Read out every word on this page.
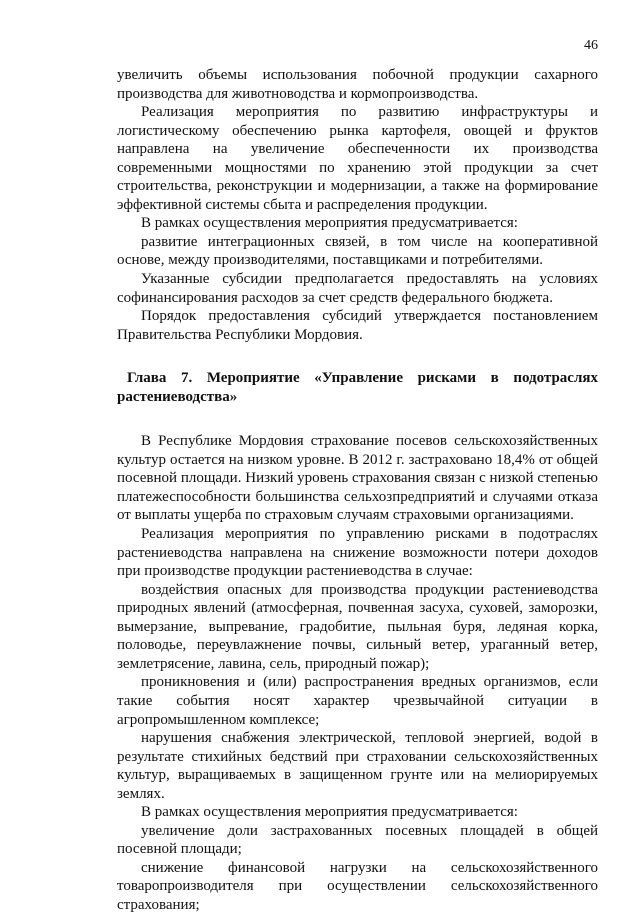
46

увеличить объемы использования побочной продукции сахарного производства для животноводства и кормопроизводства.

Реализация мероприятия по развитию инфраструктуры и логистическому обеспечению рынка картофеля, овощей и фруктов направлена на увеличение обеспеченности их производства современными мощностями по хранению этой продукции за счет строительства, реконструкции и модернизации, а также на формирование эффективной системы сбыта и распределения продукции.

В рамках осуществления мероприятия предусматривается:

развитие интеграционных связей, в том числе на кооперативной основе, между производителями, поставщиками и потребителями.

Указанные субсидии предполагается предоставлять на условиях софинансирования расходов за счет средств федерального бюджета.

Порядок предоставления субсидий утверждается постановлением Правительства Республики Мордовия.

Глава 7. Мероприятие «Управление рисками в подотраслях растениеводства»

В Республике Мордовия страхование посевов сельскохозяйственных культур остается на низком уровне. В 2012 г. застраховано 18,4% от общей посевной площади. Низкий уровень страхования связан с низкой степенью платежеспособности большинства сельхозпредприятий и случаями отказа от выплаты ущерба по страховым случаям страховыми организациями.

Реализация мероприятия по управлению рисками в подотраслях растениеводства направлена на снижение возможности потери доходов при производстве продукции растениеводства в случае:

воздействия опасных для производства продукции растениеводства природных явлений (атмосферная, почвенная засуха, суховей, заморозки, вымерзание, выпревание, градобитие, пыльная буря, ледяная корка, половодье, переувлажнение почвы, сильный ветер, ураганный ветер, землетрясение, лавина, сель, природный пожар);

проникновения и (или) распространения вредных организмов, если такие события носят характер чрезвычайной ситуации в агропромышленном комплексе;

нарушения снабжения электрической, тепловой энергией, водой в результате стихийных бедствий при страховании сельскохозяйственных культур, выращиваемых в защищенном грунте или на мелиорируемых землях.

В рамках осуществления мероприятия предусматривается:

увеличение доли застрахованных посевных площадей в общей посевной площади;

снижение финансовой нагрузки на сельскохозяйственного товаропроизводителя при осуществлении сельскохозяйственного страхования;
